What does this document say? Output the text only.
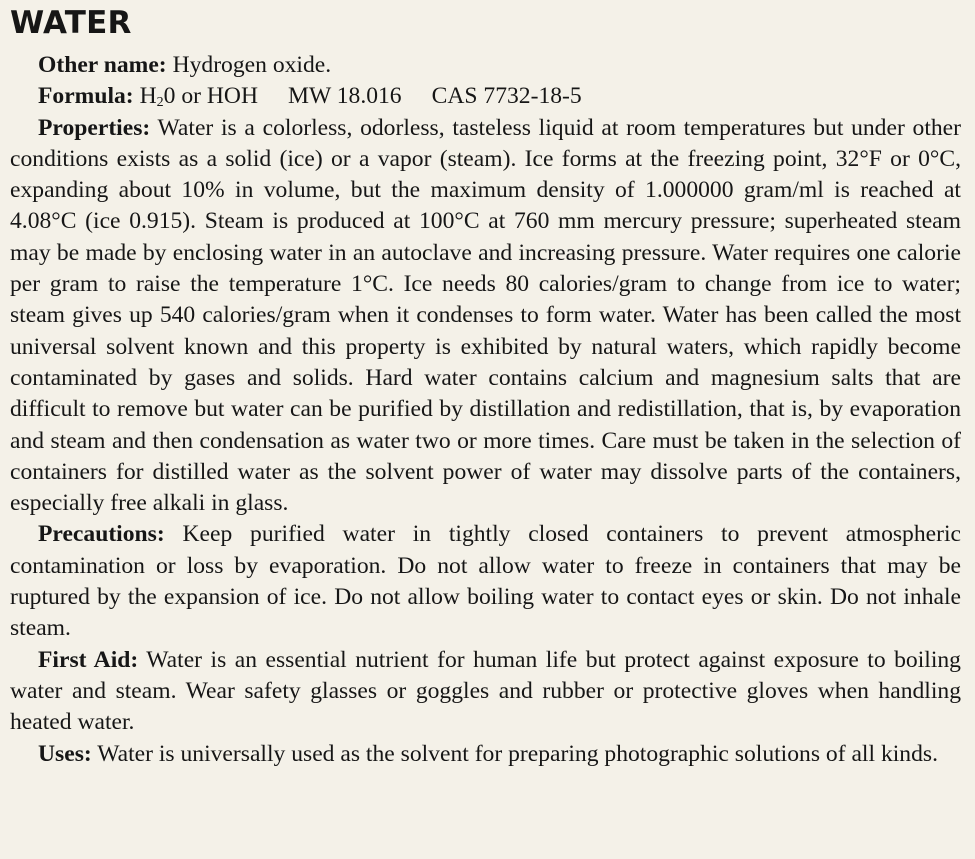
WATER

Other name: Hydrogen oxide.

Formula: $H_20$ or HOH MW 18.016 CAS 7732-18-5

Properties: Water is a colorless, odorless, tasteless liquid at room temperatures but under other conditions exists as a solid (ice) or a vapor (steam). Ice forms at the freezing point, 32°F or 0°C, expanding about 10% in volume, but the maximum density of 1.000000 gram/ml is reached at 4.08°C (ice 0.915). Steam is produced at 100°C at 760 mm mercury pressure; superheated steam may be made by enclosing water in an autoclave and increasing pressure. Water requires one calorie per gram to raise the temperature 1°C. Ice needs 80 calories/gram to change from ice to water; steam gives up 540 calories/gram when it condenses to form water. Water has been called the most universal solvent known and this property is exhibited by natural waters, which rapidly become contaminated by gases and solids. Hard water contains calcium and magnesium salts that are difficult to remove but water can be purified by distillation and redistillation, that is, by evaporation and steam and then condensation as water two or more times. Care must be taken in the selection of containers for distilled water as the solvent power of water may dissolve parts of the containers, especially free alkali in glass.

Precautions: Keep purified water in tightly closed containers to prevent atmospheric contamination or loss by evaporation. Do not allow water to freeze in containers that may be ruptured by the expansion of ice. Do not allow boiling water to contact eyes or skin. Do not inhale steam.

First Aid: Water is an essential nutrient for human life but protect against exposure to boiling water and steam. Wear safety glasses or goggles and rubber or protective gloves when handling heated water.

Uses: Water is universally used as the solvent for preparing photographic solutions of all kinds.
